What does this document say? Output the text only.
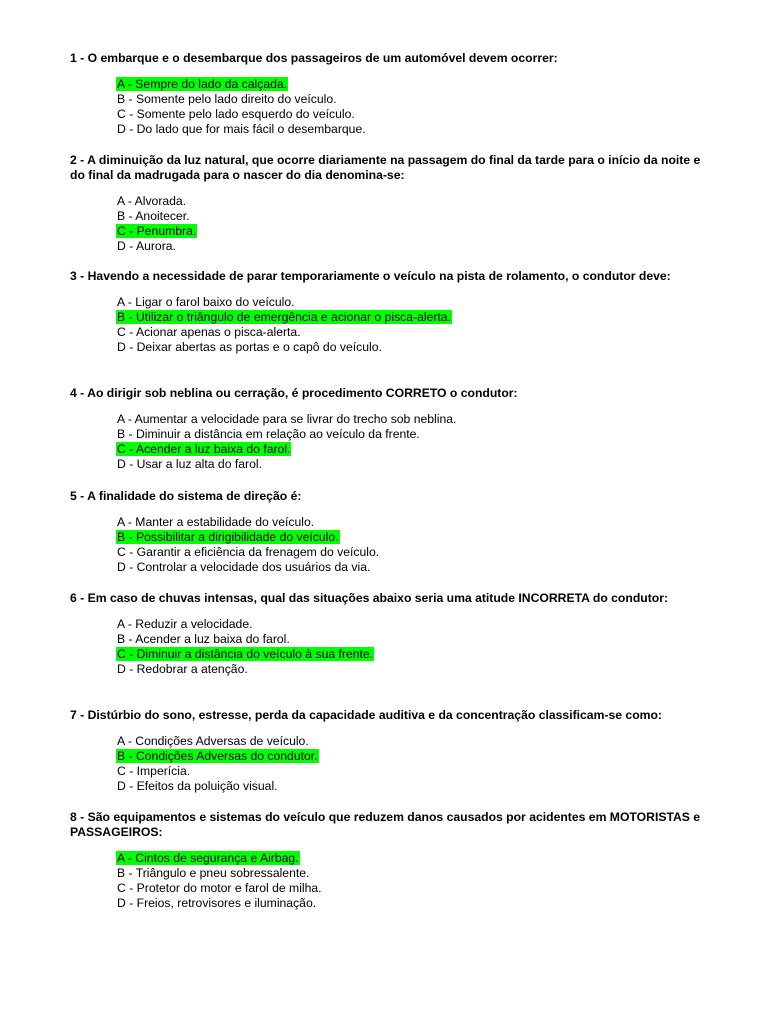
1 - O embarque e o desembarque dos passageiros de um automóvel devem ocorrer:

A - Sempre do lado da calçada.
B - Somente pelo lado direito do veículo.
C - Somente pelo lado esquerdo do veículo.
D - Do lado que for mais fácil o desembarque.

2 - A diminuição da luz natural, que ocorre diariamente na passagem do final da tarde para o início da noite e do final da madrugada para o nascer do dia denomina-se:

A - Alvorada.
B - Anoitecer.
C - Penumbra.
D - Aurora.

3 - Havendo a necessidade de parar temporariamente o veículo na pista de rolamento, o condutor deve:

A - Ligar o farol baixo do veículo.
B - Utilizar o triângulo de emergência e acionar o pisca-alerta.
C - Acionar apenas o pisca-alerta.
D - Deixar abertas as portas e o capô do veículo.

4 - Ao dirigir sob neblina ou cerração, é procedimento CORRETO o condutor:

A - Aumentar a velocidade para se livrar do trecho sob neblina.
B - Diminuir a distância em relação ao veículo da frente.
C - Acender a luz baixa do farol.
D - Usar a luz alta do farol.

5 - A finalidade do sistema de direção é:

A - Manter a estabilidade do veículo.
B - Possibilitar a dirigibilidade do veículo.
C - Garantir a eficiência da frenagem do veículo.
D - Controlar a velocidade dos usuários da via.

6 - Em caso de chuvas intensas, qual das situações abaixo seria uma atitude INCORRETA do condutor:

A - Reduzir a velocidade.
B - Acender a luz baixa do farol.
C - Diminuir a distância do veículo à sua frente.
D - Redobrar a atenção.

7 - Distúrbio do sono, estresse, perda da capacidade auditiva e da concentração classificam-se como:

A - Condições Adversas de veículo.
B - Condições Adversas do condutor.
C - Imperícia.
D - Efeitos da poluição visual.

8 - São equipamentos e sistemas do veículo que reduzem danos causados por acidentes em MOTORISTAS e PASSAGEIROS:

A - Cintos de segurança e Airbag.
B - Triângulo e pneu sobressalente.
C - Protetor do motor e farol de milha.
D - Freios, retrovisores e iluminação.
